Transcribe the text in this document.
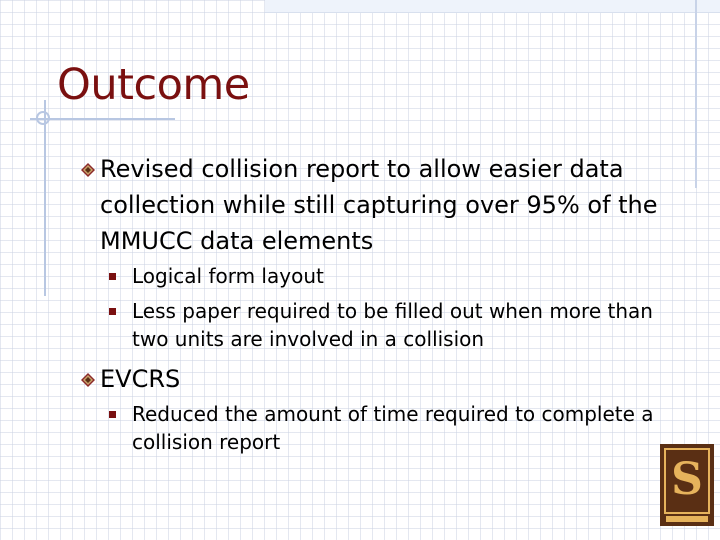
Outcome
Revised collision report to allow easier data collection while still capturing over 95% of the MMUCC data elements
Logical form layout
Less paper required to be filled out when more than two units are involved in a collision
EVCRS
Reduced the amount of time required to complete a collision report
S
